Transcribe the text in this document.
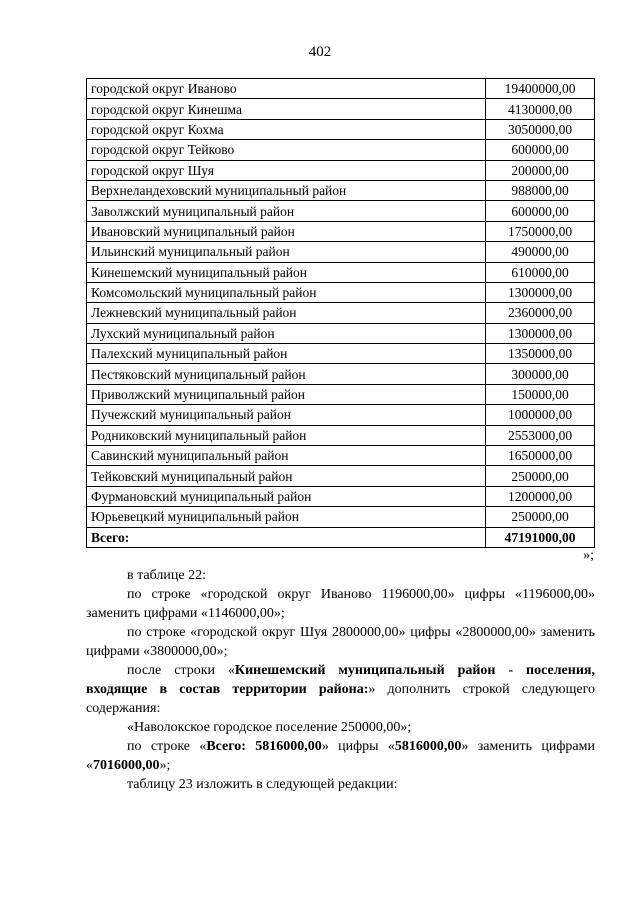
402
городской округ Иваново	19400000,00
городской округ Кинешма	4130000,00
городской округ Кохма	3050000,00
городской округ Тейково	600000,00
городской округ Шуя	200000,00
Верхнеландеховский муниципальный район	988000,00
Заволжский муниципальный район	600000,00
Ивановский муниципальный район	1750000,00
Ильинский муниципальный район	490000,00
Кинешемский муниципальный район	610000,00
Комсомольский муниципальный район	1300000,00
Лежневский муниципальный район	2360000,00
Лухский муниципальный район	1300000,00
Палехский муниципальный район	1350000,00
Пестяковский муниципальный район	300000,00
Приволжский муниципальный район	150000,00
Пучежский муниципальный район	1000000,00
Родниковский муниципальный район	2553000,00
Савинский муниципальный район	1650000,00
Тейковский муниципальный район	250000,00
Фурмановский муниципальный район	1200000,00
Юрьевецкий муниципальный район	250000,00
Всего:	47191000,00
»;

в таблице 22:

по строке «городской округ Иваново 1196000,00» цифры «1196000,00» заменить цифрами «1146000,00»;

по строке «городской округ Шуя 2800000,00» цифры «2800000,00» заменить цифрами «3800000,00»;

после строки «Кинешемский муниципальный район - поселения, входящие в состав территории района:» дополнить строкой следующего содержания:

«Наволокское городское поселение 250000,00»;

по строке «Всего: 5816000,00» цифры «5816000,00» заменить цифрами «7016000,00»;

таблицу 23 изложить в следующей редакции:
